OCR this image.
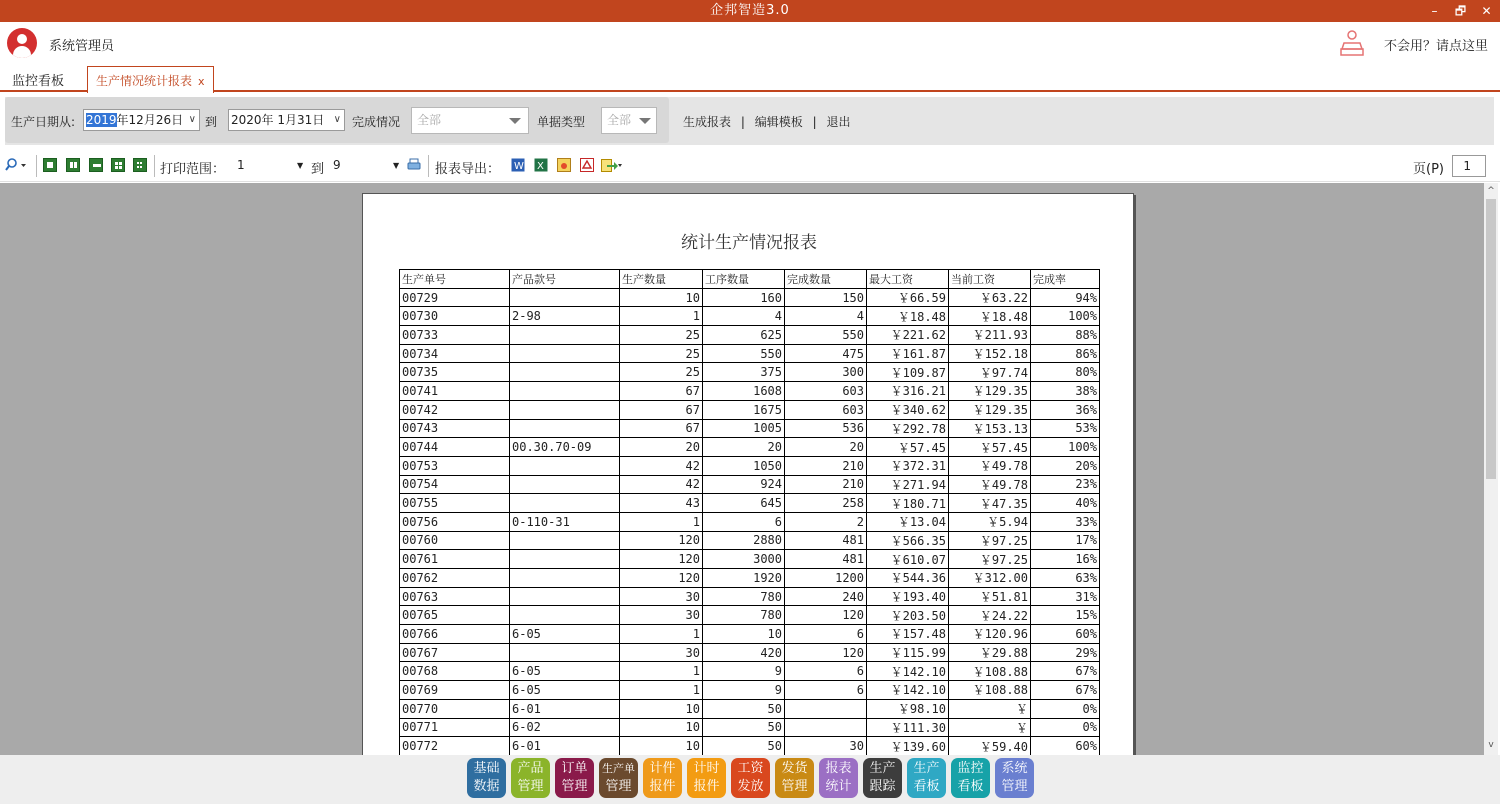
企邦智造3.0	– 🗗 ✕
系统管理员	不会用？请点这里
监控看板	生产情况统计报表 x
生产日期从: 2019年12月26日 ∨ 到 2020年 1月31日 ∨ 完成情况	全部	单据类型	全部	生成报表 | 编辑模板 | 退出
打印范围： 1	▼ 到 9	▼	报表导出： W X	页(P)	1
统计生产情况报表
生产单号	产品款号	生产数量	工序数量	完成数量	最大工资	当前工资	完成率
00729		10	160	150	￥66.59	￥63.22	94%
00730	2-98	1	4	4	￥18.48	￥18.48	100%
00733		25	625	550	￥221.62	￥211.93	88%
00734		25	550	475	￥161.87	￥152.18	86%
00735		25	375	300	￥109.87	￥97.74	80%
00741		67	1608	603	￥316.21	￥129.35	38%
00742		67	1675	603	￥340.62	￥129.35	36%
00743		67	1005	536	￥292.78	￥153.13	53%
00744	00.30.70-09	20	20	20	￥57.45	￥57.45	100%
00753		42	1050	210	￥372.31	￥49.78	20%
00754		42	924	210	￥271.94	￥49.78	23%
00755		43	645	258	￥180.71	￥47.35	40%
00756	0-110-31	1	6	2	￥13.04	￥5.94	33%
00760		120	2880	481	￥566.35	￥97.25	17%
00761		120	3000	481	￥610.07	￥97.25	16%
00762		120	1920	1200	￥544.36	￥312.00	63%
00763		30	780	240	￥193.40	￥51.81	31%
00765		30	780	120	￥203.50	￥24.22	15%
00766	6-05	1	10	6	￥157.48	￥120.96	60%
00767		30	420	120	￥115.99	￥29.88	29%
00768	6-05	1	9	6	￥142.10	￥108.88	67%
00769	6-05	1	9	6	￥142.10	￥108.88	67%
00770	6-01	10	50		￥98.10	￥	0%
00771	6-02	10	50		￥111.30	￥	0%
00772	6-01	10	50	30	￥139.60	￥59.40	60%
^
v
基础
数据
产品
管理
订单
管理
生产单
管理
计件
报件
计时
报件
工资
发放
发货
管理
报表
统计
生产
跟踪
生产
看板
监控
看板
系统
管理
